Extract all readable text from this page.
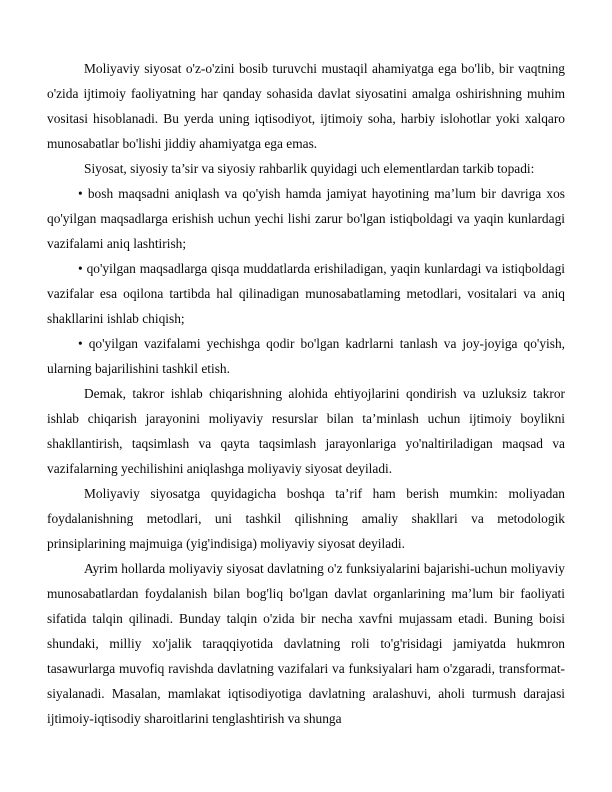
Moliyaviy siyosat o'z-o'zini bosib turuvchi mustaqil ahamiyatga ega bo'lib, bir vaqtning o'zida ijtimoiy faoliyatning har qanday sohasida davlat siyosatini amalga oshirishning muhim vositasi hisoblanadi. Bu yerda uning iqtisodiyot, ijtimoiy soha, harbiy islohotlar yoki xalqaro munosabatlar bo'lishi jiddiy ahamiyatga ega emas.

Siyosat, siyosiy ta’sir va siyosiy rahbarlik quyidagi uch elementlardan tarkib topadi:

• bosh maqsadni aniqlash va qo'yish hamda jamiyat hayotining ma’lum bir davriga xos qo'yilgan maqsadlarga erishish uchun yechi lishi zarur bo'lgan istiqboldagi va yaqin kunlardagi vazifalami aniq lashtirish;

• qo'yilgan maqsadlarga qisqa muddatlarda erishiladigan, yaqin kunlardagi va istiqboldagi vazifalar esa oqilona tartibda hal qilinadigan munosabatlaming metodlari, vositalari va aniq shakllarini ishlab chiqish;

• qo'yilgan vazifalami yechishga qodir bo'lgan kadrlarni tanlash va joy-joyiga qo'yish, ularning bajarilishini tashkil etish.

Demak, takror ishlab chiqarishning alohida ehtiyojlarini qondirish va uzluksiz takror ishlab chiqarish jarayonini moliyaviy resurslar bilan ta’minlash uchun ijtimoiy boylikni shakllantirish, taqsimlash va qayta taqsimlash jarayonlariga yo'naltiriladigan maqsad va vazifalarning yechilishini aniqlashga moliyaviy siyosat deyiladi.

Moliyaviy siyosatga quyidagicha boshqa ta’rif ham berish mumkin: moliyadan foydalanishning metodlari, uni tashkil qilishning amaliy shakllari va metodologik prinsiplarining majmuiga (yig'indisiga) moliyaviy siyosat deyiladi.

Ayrim hollarda moliyaviy siyosat davlatning o'z funksiyalarini bajarishi-uchun moliyaviy munosabatlardan foydalanish bilan bog'liq bo'lgan davlat organlarining ma’lum bir faoliyati sifatida talqin qilinadi. Bunday talqin o'zida bir necha xavfni mujassam etadi. Buning boisi shundaki, milliy xo'jalik taraqqiyotida davlatning roli to'g'risidagi jamiyatda hukmron tasawurlarga muvofiq ravishda davlatning vazifalari va funksiyalari ham o'zgaradi, transformat- siyalanadi. Masalan, mamlakat iqtisodiyotiga davlatning aralashuvi, aholi turmush darajasi ijtimoiy-iqtisodiy sharoitlarini tenglashtirish va shunga
